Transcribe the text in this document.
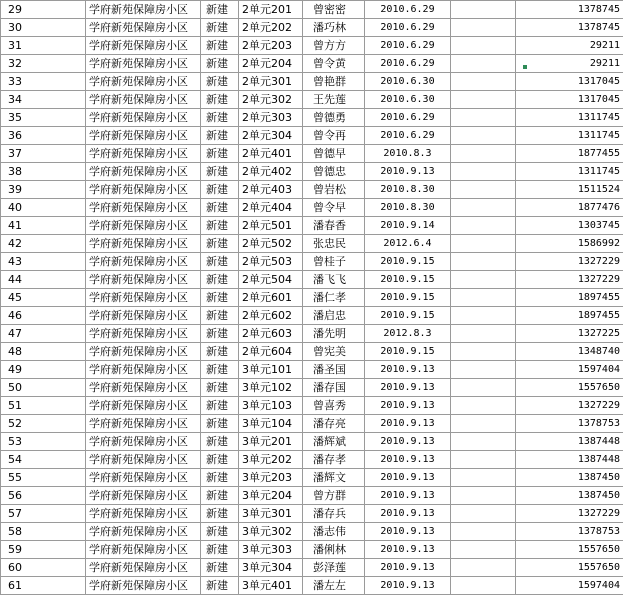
29	学府新苑保障房小区	新建	2单元201	曾密密	2010.6.29		1378745
30	学府新苑保障房小区	新建	2单元202	潘巧林	2010.6.29		1378745
31	学府新苑保障房小区	新建	2单元203	曾方方	2010.6.29		29211
32	学府新苑保障房小区	新建	2单元204	曾令黄	2010.6.29		29211
33	学府新苑保障房小区	新建	2单元301	曾艳群	2010.6.30		1317045
34	学府新苑保障房小区	新建	2单元302	王先莲	2010.6.30		1317045
35	学府新苑保障房小区	新建	2单元303	曾德勇	2010.6.29		1311745
36	学府新苑保障房小区	新建	2单元304	曾令再	2010.6.29		1311745
37	学府新苑保障房小区	新建	2单元401	曾德早	2010.8.3		1877455
38	学府新苑保障房小区	新建	2单元402	曾德忠	2010.9.13		1311745
39	学府新苑保障房小区	新建	2单元403	曾岩松	2010.8.30		1511524
40	学府新苑保障房小区	新建	2单元404	曾令早	2010.8.30		1877476
41	学府新苑保障房小区	新建	2单元501	潘春香	2010.9.14		1303745
42	学府新苑保障房小区	新建	2单元502	张忠民	2012.6.4		1586992
43	学府新苑保障房小区	新建	2单元503	曾桂子	2010.9.15		1327229
44	学府新苑保障房小区	新建	2单元504	潘飞飞	2010.9.15		1327229
45	学府新苑保障房小区	新建	2单元601	潘仁孝	2010.9.15		1897455
46	学府新苑保障房小区	新建	2单元602	潘启忠	2010.9.15		1897455
47	学府新苑保障房小区	新建	2单元603	潘先明	2012.8.3		1327225
48	学府新苑保障房小区	新建	2单元604	曾宪美	2010.9.15		1348740
49	学府新苑保障房小区	新建	3单元101	潘圣国	2010.9.13		1597404
50	学府新苑保障房小区	新建	3单元102	潘存国	2010.9.13		1557650
51	学府新苑保障房小区	新建	3单元103	曾喜秀	2010.9.13		1327229
52	学府新苑保障房小区	新建	3单元104	潘存亮	2010.9.13		1378753
53	学府新苑保障房小区	新建	3单元201	潘辉斌	2010.9.13		1387448
54	学府新苑保障房小区	新建	3单元202	潘存孝	2010.9.13		1387448
55	学府新苑保障房小区	新建	3单元203	潘辉文	2010.9.13		1387450
56	学府新苑保障房小区	新建	3单元204	曾方群	2010.9.13		1387450
57	学府新苑保障房小区	新建	3单元301	潘存兵	2010.9.13		1327229
58	学府新苑保障房小区	新建	3单元302	潘志伟	2010.9.13		1378753
59	学府新苑保障房小区	新建	3单元303	潘俐林	2010.9.13		1557650
60	学府新苑保障房小区	新建	3单元304	彭泽莲	2010.9.13		1557650
61	学府新苑保障房小区	新建	3单元401	潘左左	2010.9.13		1597404
